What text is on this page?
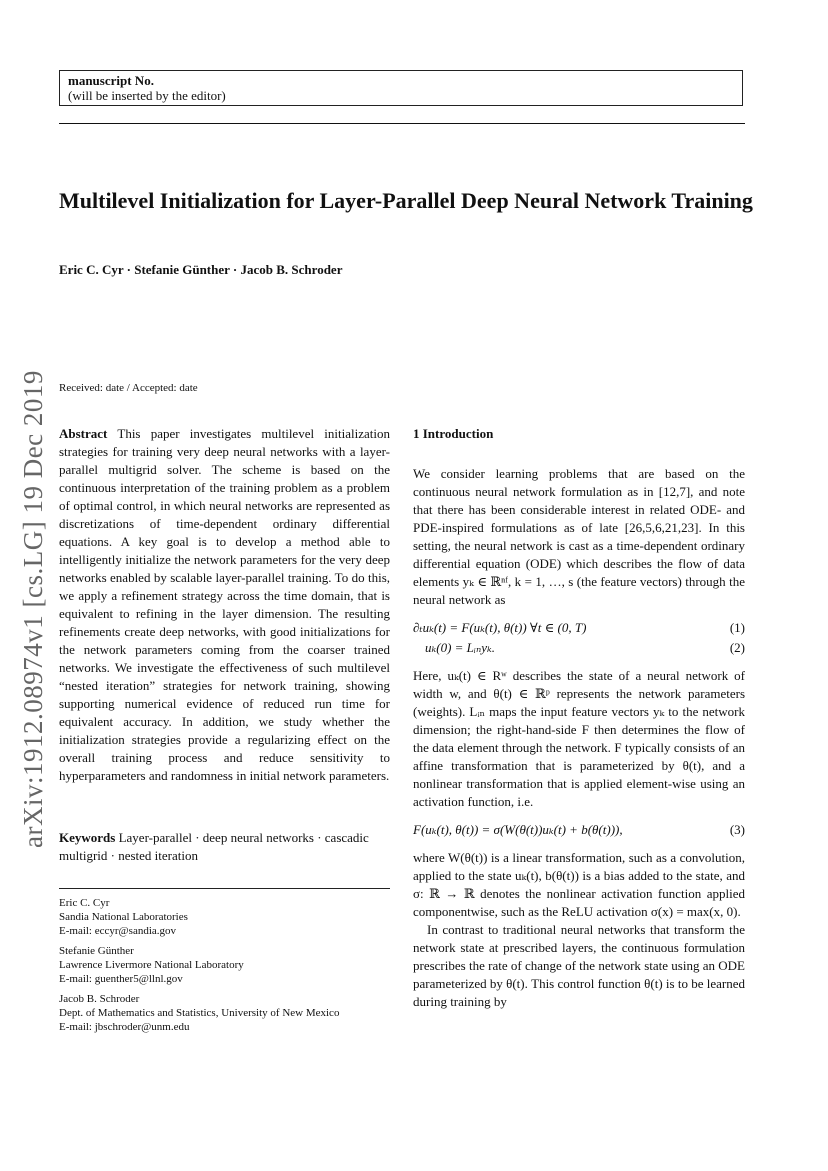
manuscript No.
(will be inserted by the editor)
Multilevel Initialization for Layer-Parallel Deep Neural Network Training
Eric C. Cyr · Stefanie Günther · Jacob B. Schroder
arXiv:1912.08974v1 [cs.LG] 19 Dec 2019 Received: date / Accepted: date
Abstract This paper investigates multilevel initialization strategies for training very deep neural networks with a layer-parallel multigrid solver. The scheme is based on the continuous interpretation of the training problem as a problem of optimal control, in which neural networks are represented as discretizations of time-dependent ordinary differential equations. A key goal is to develop a method able to intelligently initialize the network parameters for the very deep networks enabled by scalable layer-parallel training. To do this, we apply a refinement strategy across the time domain, that is equivalent to refining in the layer dimension. The resulting refinements create deep networks, with good initializations for the network parameters coming from the coarser trained networks. We investigate the effectiveness of such multilevel “nested iteration” strategies for network training, showing supporting numerical evidence of reduced run time for equivalent accuracy. In addition, we study whether the initialization strategies provide a regularizing effect on the overall training process and reduce sensitivity to hyperparameters and randomness in initial network parameters.
Keywords Layer-parallel · deep neural networks · cascadic multigrid · nested iteration
Eric C. Cyr
Sandia National Laboratories
E-mail: eccyr@sandia.gov
Stefanie Günther
Lawrence Livermore National Laboratory
E-mail: guenther5@llnl.gov
Jacob B. Schroder
Dept. of Mathematics and Statistics, University of New Mexico
E-mail: jbschroder@unm.edu
1 Introduction

We consider learning problems that are based on the continuous neural network formulation as in [12,7], and note that there has been considerable interest in related ODE- and PDE-inspired formulations as of late [26,5,6,21,23]. In this setting, the neural network is cast as a time-dependent ordinary differential equation (ODE) which describes the flow of data elements yₖ ∈ ℝⁿᶠ, k = 1, …, s (the feature vectors) through the neural network as

∂ₜuₖ(t) = F(uₖ(t), θ(t)) ∀t ∈ (0, T)	(1)
uₖ(0) = Lᵢₙyₖ.	(2)

Here, uₖ(t) ∈ Rʷ describes the state of a neural network of width w, and θ(t) ∈ ℝᵖ represents the network parameters (weights). Lᵢₙ maps the input feature vectors yₖ to the network dimension; the right-hand-side F then determines the flow of the data element through the network. F typically consists of an affine transformation that is parameterized by θ(t), and a nonlinear transformation that is applied element-wise using an activation function, i.e.

F(uₖ(t), θ(t)) = σ(W(θ(t))uₖ(t) + b(θ(t))),	(3)

where W(θ(t)) is a linear transformation, such as a convolution, applied to the state uₖ(t), b(θ(t)) is a bias added to the state, and σ: ℝ → ℝ denotes the nonlinear activation function applied componentwise, such as the ReLU activation σ(x) = max(x, 0).

In contrast to traditional neural networks that transform the network state at prescribed layers, the continuous formulation prescribes the rate of change of the network state using an ODE parameterized by θ(t). This control function θ(t) is to be learned during training by
